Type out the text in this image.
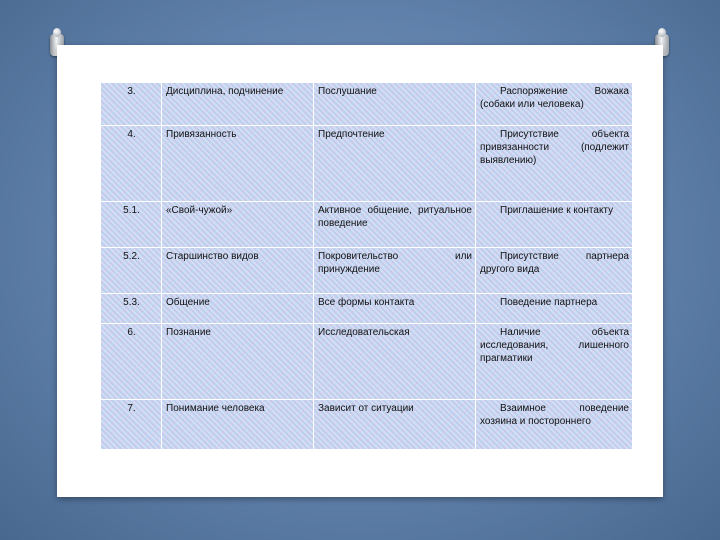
3.	Дисциплина, подчинение	Послушание	Распоряжение Вожака (собаки или человека)
4.	Привязанность	Предпочтение	Присутствие объекта привязанности (подлежит выявлению)
5.1.	«Свой-чужой»	Активное общение, ритуальное поведение	Приглашение к контакту
5.2.	Старшинство видов	Покровительство или принуждение	Присутствие партнера другого вида
5.3.	Общение	Все формы контакта	Поведение партнера
6.	Познание	Исследовательская	Наличие объекта исследования, лишенного прагматики
7.	Понимание человека	Зависит от ситуации	Взаимное поведение хозяина и постороннего
